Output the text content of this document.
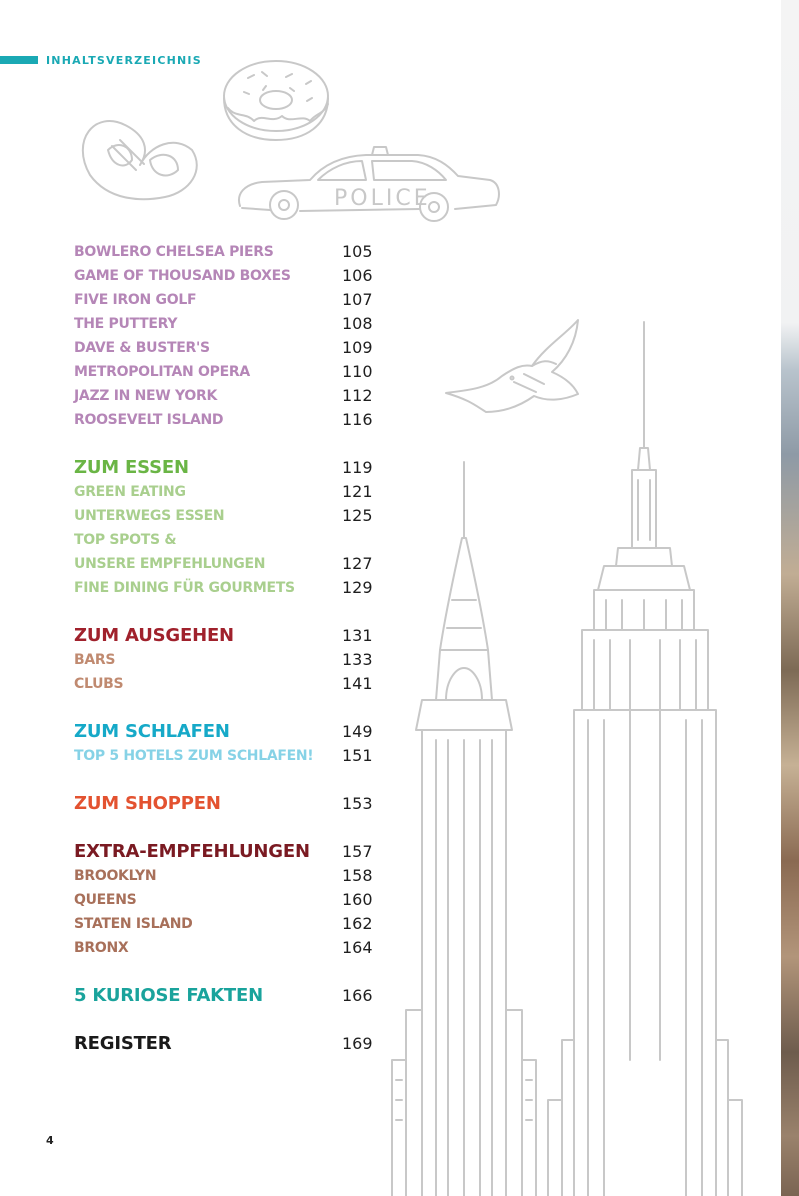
INHALTSVERZEICHNIS
POLICE
BOWLERO CHELSEA PIERS	105
GAME OF THOUSAND BOXES	106
FIVE IRON GOLF	107
THE PUTTERY	108
DAVE & BUSTER'S	109
METROPOLITAN OPERA	110
JAZZ IN NEW YORK	112
ROOSEVELT ISLAND	116
ZUM ESSEN	119
GREEN EATING	121
UNTERWEGS ESSEN	125
TOP SPOTS &
UNSERE EMPFEHLUNGEN	127
FINE DINING FÜR GOURMETS	129
ZUM AUSGEHEN	131
BARS	133
CLUBS	141
ZUM SCHLAFEN	149
TOP 5 HOTELS ZUM SCHLAFEN! 151
ZUM SHOPPEN	153
EXTRA-EMPFEHLUNGEN 157
BROOKLYN	158
QUEENS	160
STATEN ISLAND	162
BRONX	164
5 KURIOSE FAKTEN	166
REGISTER	169
4
